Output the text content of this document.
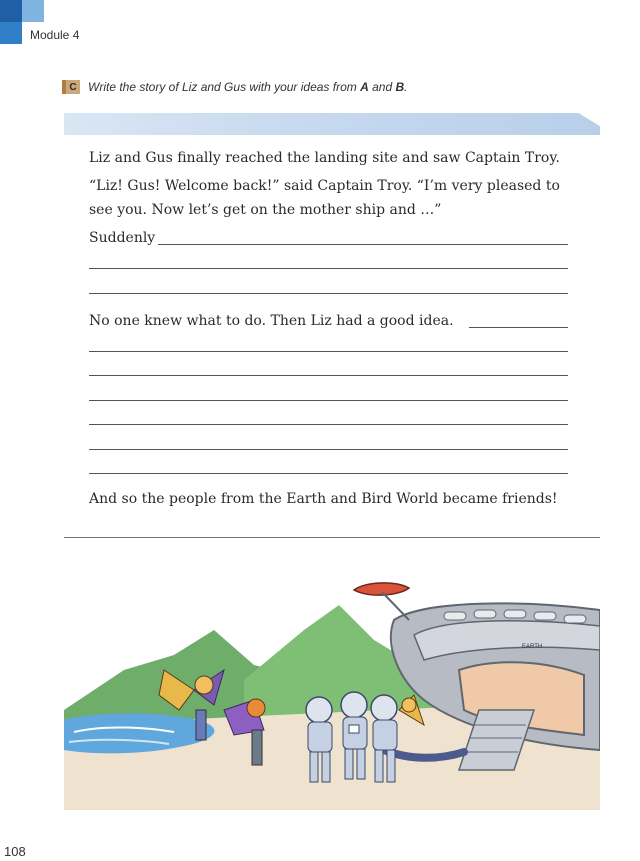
Module 4
C Write the story of Liz and Gus with your ideas from A and B.
Liz and Gus finally reached the landing site and saw Captain Troy.
“Liz! Gus! Welcome back!” said Captain Troy. “I’m very pleased to see you. Now let’s get on the mother ship and …”
Suddenly
No one knew what to do. Then Liz had a good idea.
And so the people from the Earth and Bird World became friends!
EARTH
108
